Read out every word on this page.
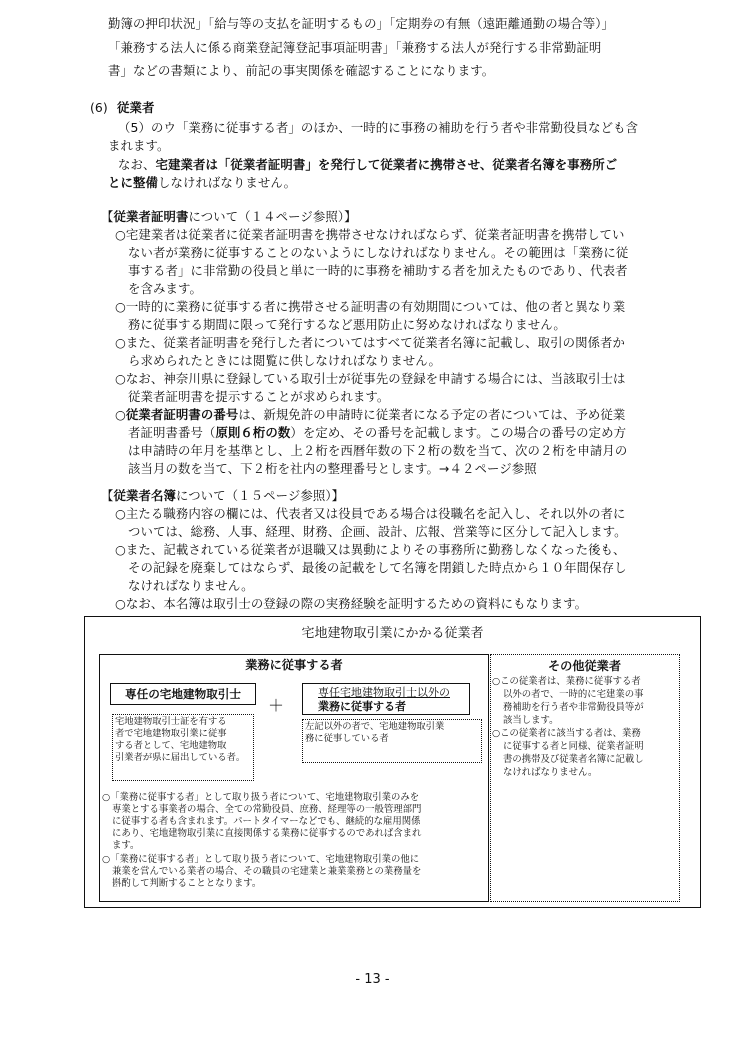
勤簿の押印状況」「給与等の支払を証明するもの」「定期券の有無（遠距離通勤の場合等）」
「兼務する法人に係る商業登記簿登記事項証明書」「兼務する法人が発行する非常勤証明
書」などの書類により、前記の事実関係を確認することになります。
(6) 従業者
（5）のウ「業務に従事する者」のほか、一時的に事務の補助を行う者や非常勤役員なども含
まれます。
なお、宅建業者は「従業者証明書」を発行して従業者に携帯させ、従業者名簿を事務所ご
とに整備しなければなりません。
【従業者証明書について（１４ページ参照）】
○宅建業者は従業者に従業者証明書を携帯させなければならず、従業者証明書を携帯してい
ない者が業務に従事することのないようにしなければなりません。その範囲は「業務に従
事する者」に非常勤の役員と単に一時的に事務を補助する者を加えたものであり、代表者
を含みます。
○一時的に業務に従事する者に携帯させる証明書の有効期間については、他の者と異なり業
務に従事する期間に限って発行するなど悪用防止に努めなければなりません。
○また、従業者証明書を発行した者についてはすべて従業者名簿に記載し、取引の関係者か
ら求められたときには閲覧に供しなければなりません。
○なお、神奈川県に登録している取引士が従事先の登録を申請する場合には、当該取引士は
従業者証明書を提示することが求められます。
○従業者証明書の番号は、新規免許の申請時に従業者になる予定の者については、予め従業
者証明書番号（原則６桁の数）を定め、その番号を記載します。この場合の番号の定め方
は申請時の年月を基準とし、上２桁を西暦年数の下２桁の数を当て、次の２桁を申請月の
該当月の数を当て、下２桁を社内の整理番号とします。→４２ページ参照
【従業者名簿について（１５ページ参照）】
○主たる職務内容の欄には、代表者又は役員である場合は役職名を記入し、それ以外の者に
ついては、総務、人事、経理、財務、企画、設計、広報、営業等に区分して記入します。
○また、記載されている従業者が退職又は異動によりその事務所に勤務しなくなった後も、
その記録を廃棄してはならず、最後の記載をして名簿を閉鎖した時点から１０年間保存し
なければなりません。
○なお、本名簿は取引士の登録の際の実務経験を証明するための資料にもなります。
宅地建物取引業にかかる従業者
業務に従事する者
専任の宅地建物取引士
＋
専任宅地建物取引士以外の
業務に従事する者
宅地建物取引士証を有する
者で宅地建物取引業に従事
する者として、宅地建物取
引業者が県に届出している者。
左記以外の者で、宅地建物取引業
務に従事している者
○「業務に従事する者」として取り扱う者について、宅地建物取引業のみを
専業とする事業者の場合、全ての常勤役員、庶務、経理等の一般管理部門
に従事する者も含まれます。パートタイマーなどでも、継続的な雇用関係
にあり、宅地建物取引業に直接関係する業務に従事するのであれば含まれ
ます。
○「業務に従事する者」として取り扱う者について、宅地建物取引業の他に
兼業を営んでいる業者の場合、その職員の宅建業と兼業業務との業務量を
斟酌して判断することとなります。
その他従業者
○この従業者は、業務に従事する者
以外の者で、一時的に宅建業の事
務補助を行う者や非常勤役員等が
該当します。
○この従業者に該当する者は、業務
に従事する者と同様、従業者証明
書の携帯及び従業者名簿に記載し
なければなりません。
- 13 -
